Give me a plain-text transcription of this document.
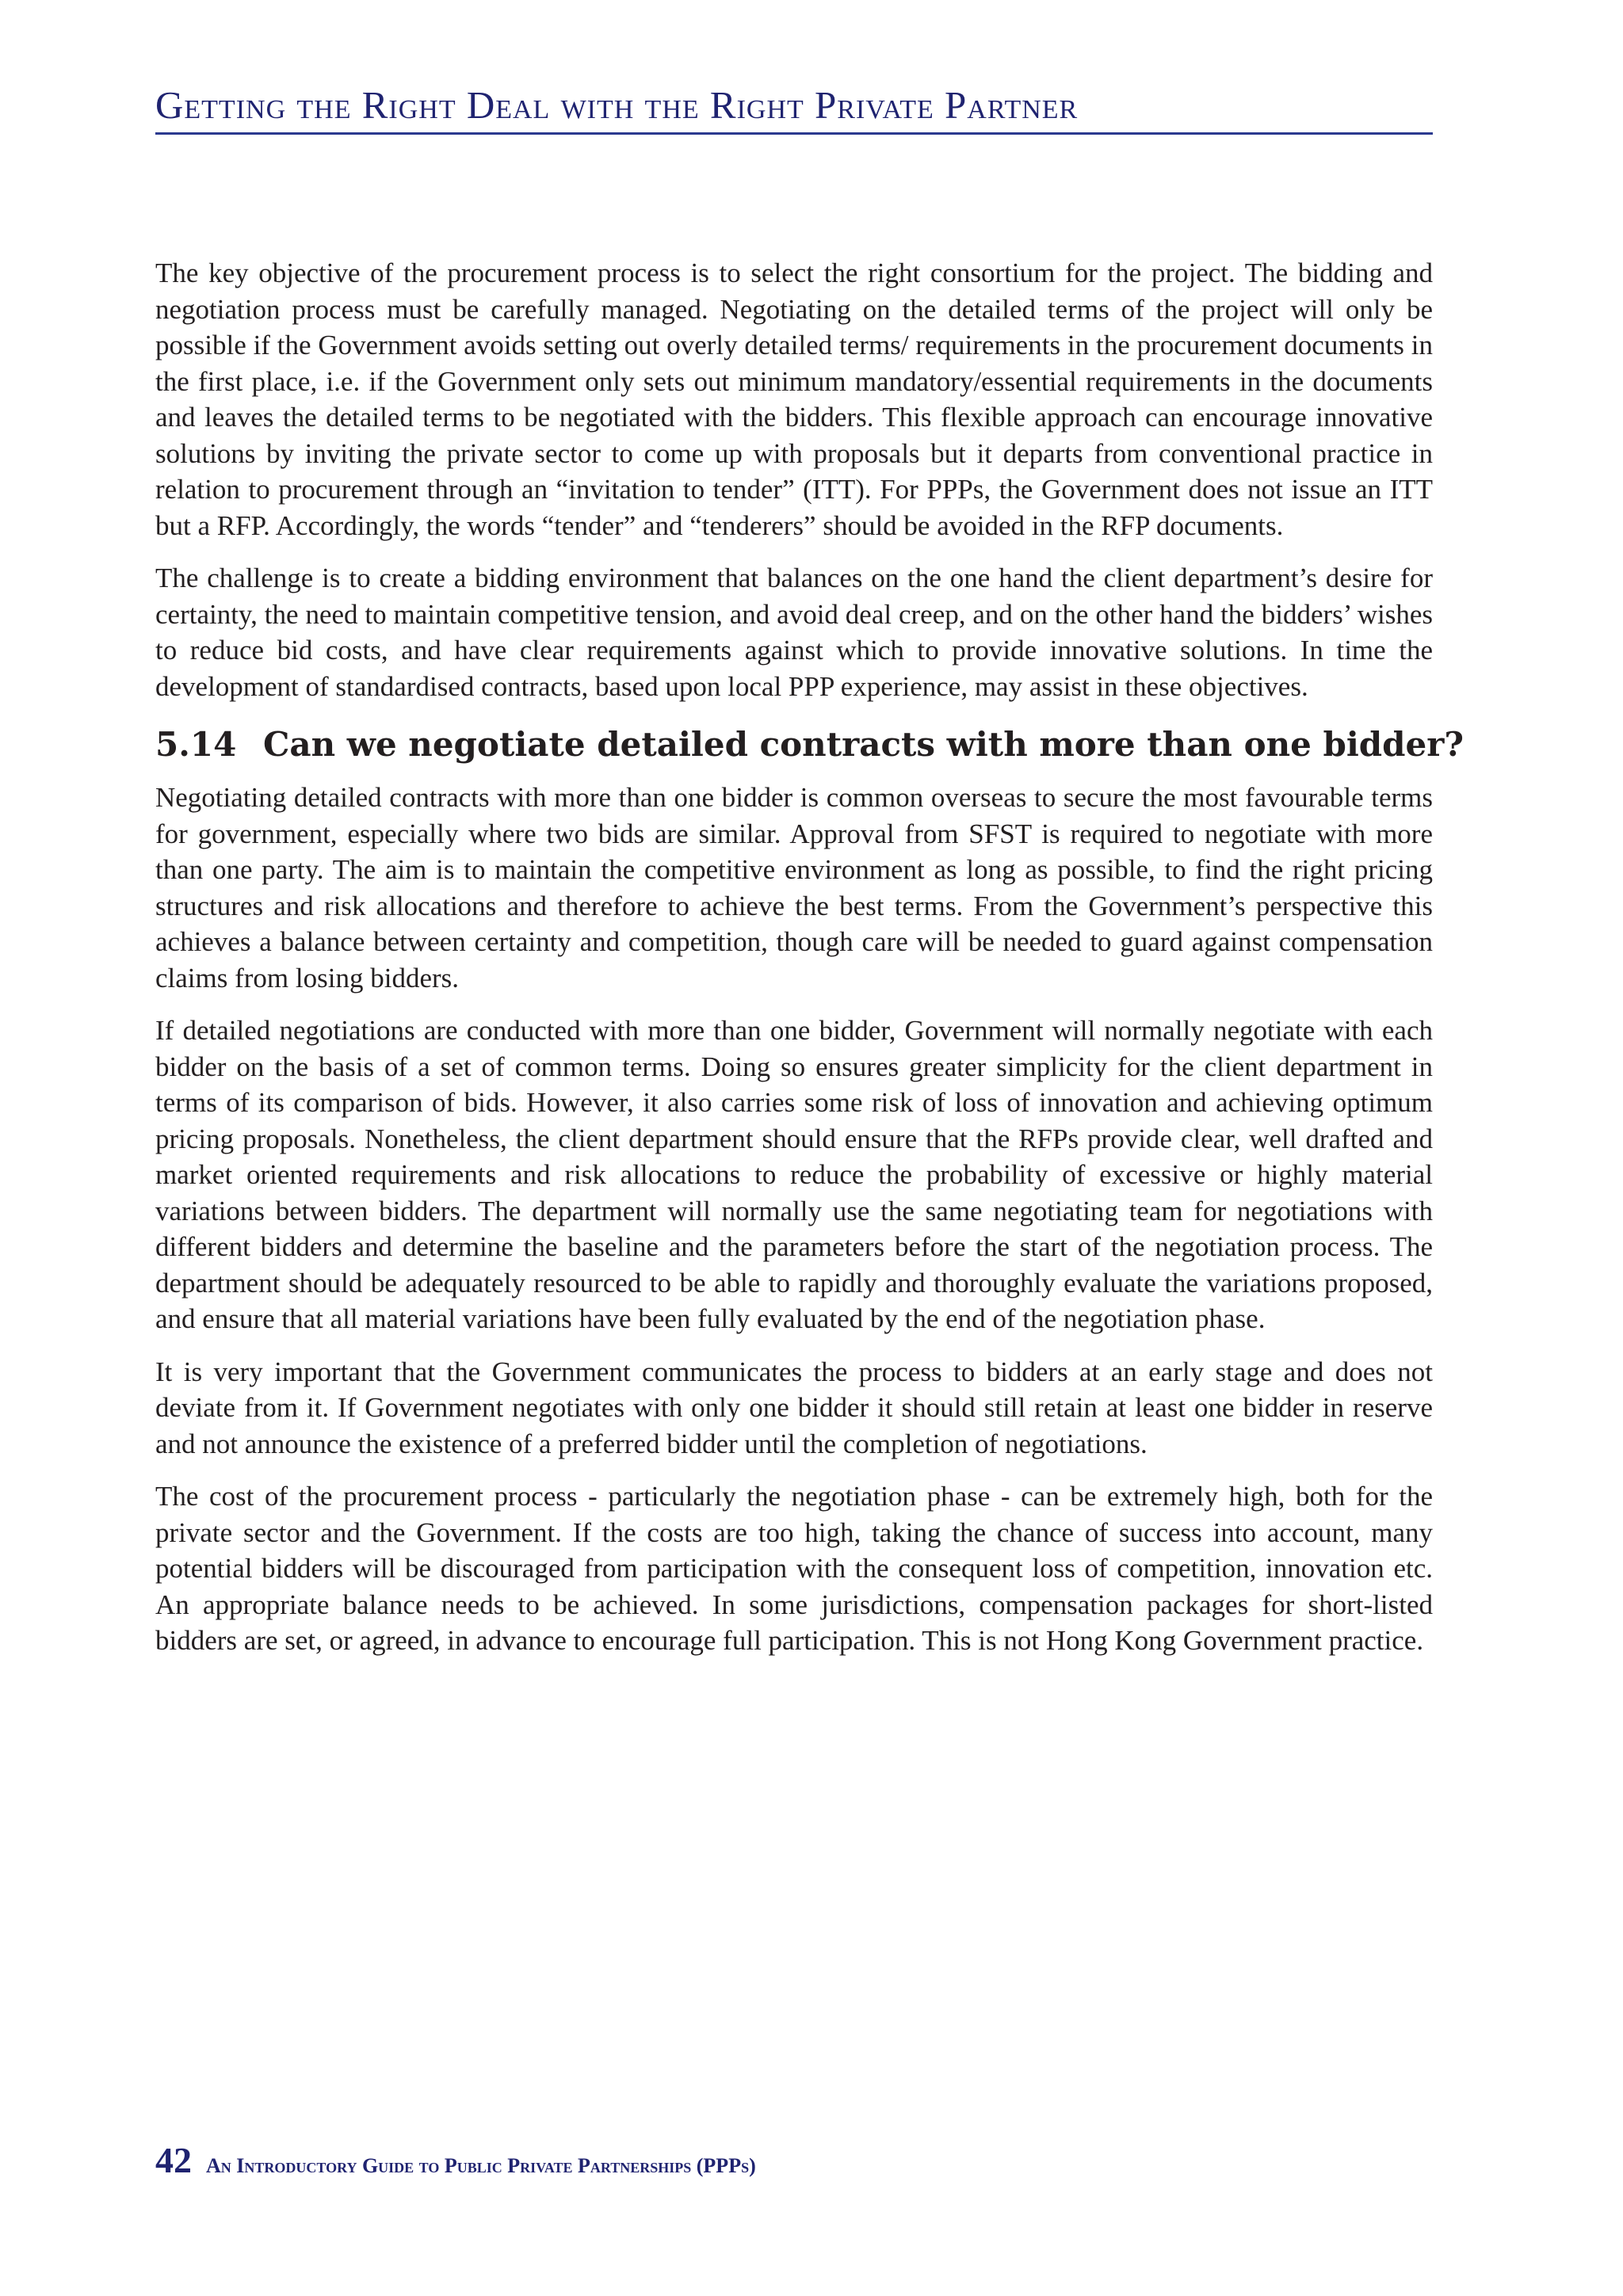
Getting the Right Deal with the Right Private Partner

The key objective of the procurement process is to select the right consortium for the project. The bidding and negotiation process must be carefully managed. Negotiating on the detailed terms of the project will only be possible if the Government avoids setting out overly detailed terms/ requirements in the procurement documents in the first place, i.e. if the Government only sets out minimum mandatory/essential requirements in the documents and leaves the detailed terms to be negotiated with the bidders. This flexible approach can encourage innovative solutions by inviting the private sector to come up with proposals but it departs from conventional practice in relation to procurement through an “invitation to tender” (ITT). For PPPs, the Government does not issue an ITT but a RFP. Accordingly, the words “tender” and “tenderers” should be avoided in the RFP documents.

The challenge is to create a bidding environment that balances on the one hand the client department’s desire for certainty, the need to maintain competitive tension, and avoid deal creep, and on the other hand the bidders’ wishes to reduce bid costs, and have clear requirements against which to provide innovative solutions. In time the development of standardised contracts, based upon local PPP experience, may assist in these objectives.

5.14 Can we negotiate detailed contracts with more than one bidder?

Negotiating detailed contracts with more than one bidder is common overseas to secure the most favourable terms for government, especially where two bids are similar. Approval from SFST is required to negotiate with more than one party. The aim is to maintain the competitive environment as long as possible, to find the right pricing structures and risk allocations and therefore to achieve the best terms. From the Government’s perspective this achieves a balance between certainty and competition, though care will be needed to guard against compensation claims from losing bidders.

If detailed negotiations are conducted with more than one bidder, Government will normally negotiate with each bidder on the basis of a set of common terms. Doing so ensures greater simplicity for the client department in terms of its comparison of bids. However, it also carries some risk of loss of innovation and achieving optimum pricing proposals. Nonetheless, the client department should ensure that the RFPs provide clear, well drafted and market oriented requirements and risk allocations to reduce the probability of excessive or highly material variations between bidders. The department will normally use the same negotiating team for negotiations with different bidders and determine the baseline and the parameters before the start of the negotiation process. The department should be adequately resourced to be able to rapidly and thoroughly evaluate the variations proposed, and ensure that all material variations have been fully evaluated by the end of the negotiation phase.

It is very important that the Government communicates the process to bidders at an early stage and does not deviate from it. If Government negotiates with only one bidder it should still retain at least one bidder in reserve and not announce the existence of a preferred bidder until the completion of negotiations.

The cost of the procurement process - particularly the negotiation phase - can be extremely high, both for the private sector and the Government. If the costs are too high, taking the chance of success into account, many potential bidders will be discouraged from participation with the consequent loss of competition, innovation etc. An appropriate balance needs to be achieved. In some jurisdictions, compensation packages for short-listed bidders are set, or agreed, in advance to encourage full participation. This is not Hong Kong Government practice.

42 An Introductory Guide to Public Private Partnerships (PPPs)
